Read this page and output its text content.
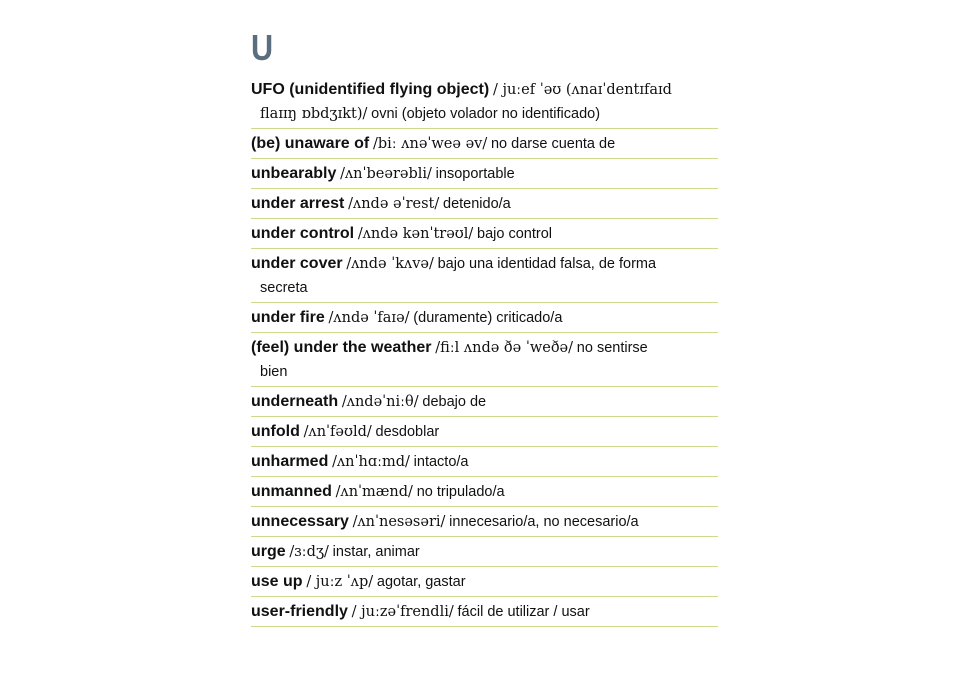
U
UFO (unidentified flying object) / juːef ˈəʊ (ʌnaɪˈdentɪfaɪd
flaɪɪŋ ɒbdʒɪkt)/ ovni (objeto volador no identificado)
(be) unaware of /biː ʌnəˈweə əv/ no darse cuenta de
unbearably /ʌnˈbeərəbli/ insoportable
under arrest /ʌndə əˈrest/ detenido/a
under control /ʌndə kənˈtrəʊl/ bajo control
under cover /ʌndə ˈkʌvə/ bajo una identidad falsa, de forma
secreta
under fire /ʌndə ˈfaɪə/ (duramente) criticado/a
(feel) under the weather /fiːl ʌndə ðə ˈweðə/ no sentirse
bien
underneath /ʌndəˈniːθ/ debajo de
unfold /ʌnˈfəʊld/ desdoblar
unharmed /ʌnˈhɑːmd/ intacto/a
unmanned /ʌnˈmænd/ no tripulado/a
unnecessary /ʌnˈnesəsəri/ innecesario/a, no necesario/a
urge /ɜːdʒ/ instar, animar
use up / juːz ˈʌp/ agotar, gastar
user-friendly / juːzəˈfrendli/ fácil de utilizar / usar
